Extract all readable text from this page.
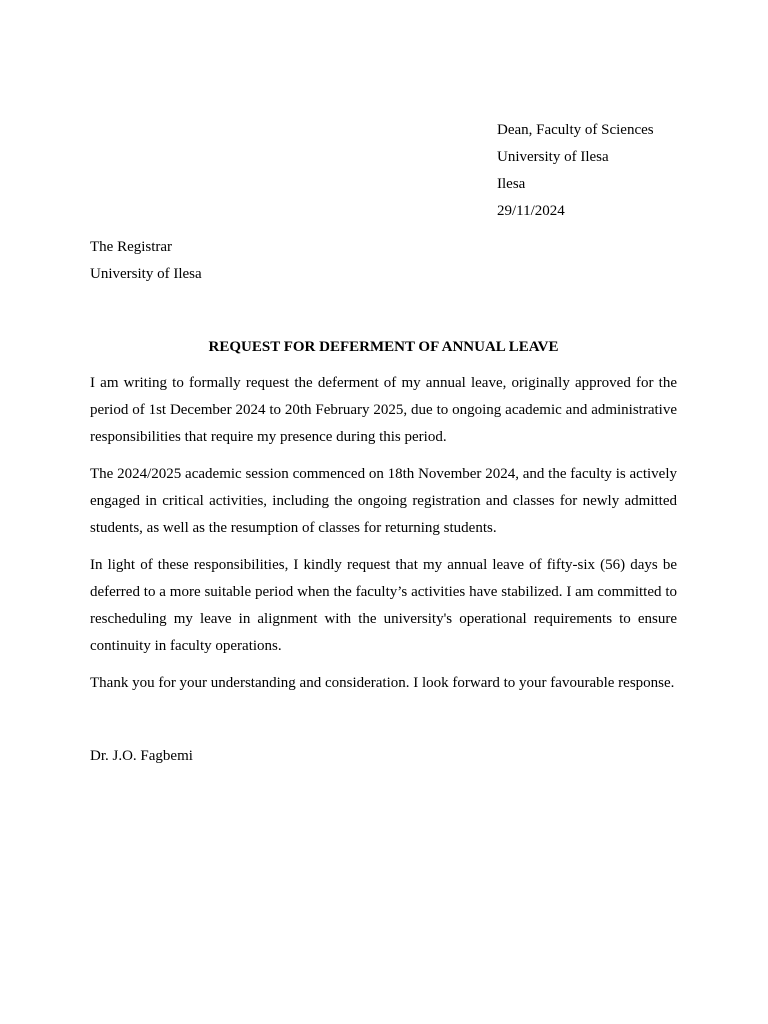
Dean, Faculty of Sciences
University of Ilesa
Ilesa
29/11/2024
The Registrar
University of Ilesa
REQUEST FOR DEFERMENT OF ANNUAL LEAVE

I am writing to formally request the deferment of my annual leave, originally approved for the period of 1st December 2024 to 20th February 2025, due to ongoing academic and administrative responsibilities that require my presence during this period.

The 2024/2025 academic session commenced on 18th November 2024, and the faculty is actively engaged in critical activities, including the ongoing registration and classes for newly admitted students, as well as the resumption of classes for returning students.

In light of these responsibilities, I kindly request that my annual leave of fifty-six (56) days be deferred to a more suitable period when the faculty’s activities have stabilized. I am committed to rescheduling my leave in alignment with the university's operational requirements to ensure continuity in faculty operations.

Thank you for your understanding and consideration. I look forward to your favourable response.

Dr. J.O. Fagbemi
